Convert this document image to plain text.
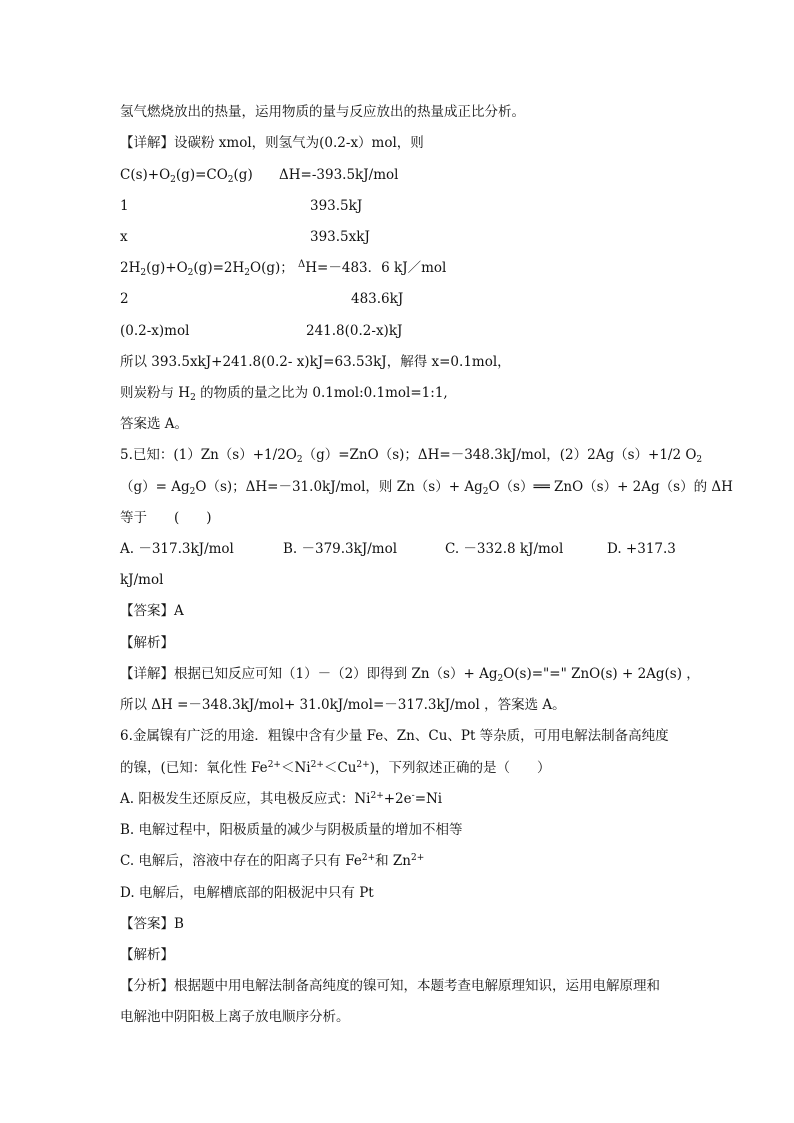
氢气燃烧放出的热量，运用物质的量与反应放出的热量成正比分析。
【详解】设碳粉 xmol，则氢气为(0.2-x）mol，则
$C(s)+O_2(g)=CO_2(g)$ ΔH=-393.5kJ/mol
1	393.5kJ
x	393.5xkJ
$2H_2(g)+O_2(g)=2H_2O(g)$； $^\Delta$H=－483．6 kJ／mol
2	483.6kJ
(0.2-x)mol	241.8(0.2-x)kJ
所以 393.5xkJ+241.8(0.2- x)kJ=63.53kJ，解得 x=0.1mol，
则炭粉与 $H_2$ 的物质的量之比为 0.1mol:0.1mol=1:1,
答案选 A。
5.已知：$(1)Zn(s)+1/2O_2(g)=ZnO(s)$；ΔH=－348.3kJ/mol，(2）2Ag（s）+1/2 $O_2$
$(g)= Ag_2O(s)$；ΔH=－31.0kJ/mol，则 $Zn(s)+ Ag_2O(s)══$ ZnO（s）+ 2Ag（s）的 ΔH
等于　　(　　)
A. －317.3kJ/mol	B. －379.3kJ/mol	C. －332.8 kJ/mol	D. +317.3
kJ/mol
【答案】A
【解析】
【详解】根据已知反应可知（1）－（2）即得到 $Zn(s)+ Ag_2O(s)="=$" ZnO(s) + 2Ag(s) ，
所以 ΔH =－348.3kJ/mol+ 31.0kJ/mol=－317.3kJ/mol ，答案选 A。
6.金属镍有广泛的用途．粗镍中含有少量 Fe、Zn、Cu、Pt 等杂质，可用电解法制备高纯度
的镍，(已知：氧化性 $Fe^{2+}<Ni^{2+}<Cu^{2+}$)，下列叙述正确的是（　　）
A. 阳极发生还原反应，其电极反应式：$Ni^{2+}+2e^-=Ni$
B. 电解过程中，阳极质量的减少与阴极质量的增加不相等
C. 电解后，溶液中存在的阳离子只有 $Fe^{2+}$和 $Zn^{2+}$
D. 电解后，电解槽底部的阳极泥中只有 Pt
【答案】B
【解析】
【分析】根据题中用电解法制备高纯度的镍可知，本题考查电解原理知识，运用电解原理和
电解池中阴阳极上离子放电顺序分析。
